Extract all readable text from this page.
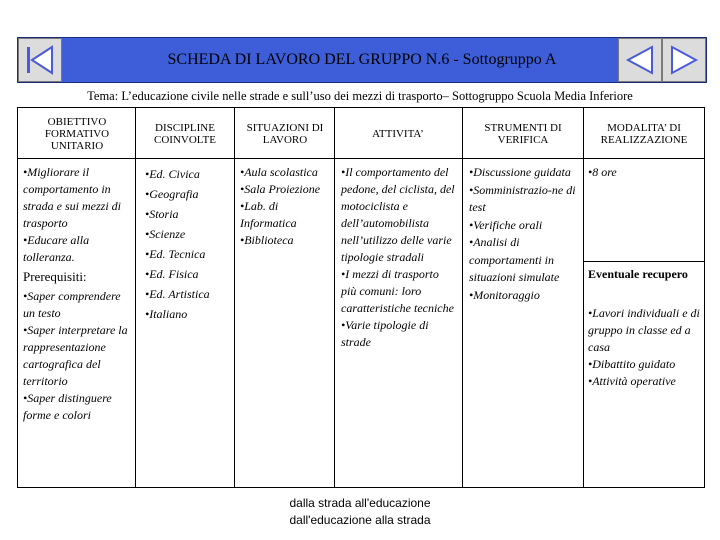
SCHEDA DI LAVORO DEL GRUPPO N.6 - Sottogruppo A
Tema: L’educazione civile nelle strade e sull’uso dei mezzi di trasporto– Sottogruppo Scuola Media Inferiore
OBIETTIVO FORMATIVO UNITARIO
DISCIPLINE COINVOLTE
SITUAZIONI DI LAVORO	ATTIVITA’	STRUMENTI DI VERIFICA
MODALITA’ DI REALIZZAZIONE
•Migliorare il comportamento in strada e sui mezzi di trasporto
•Educare alla tolleranza.
Prerequisiti:
•Saper comprendere un testo
•Saper interpretare la rappresentazione cartografica del territorio
•Saper distinguere forme e colori
•Ed. Civica
•Geografia
•Storia
•Scienze
•Ed. Tecnica
•Ed. Fisica
•Ed. Artistica
•Italiano
•Aula scolastica
•Sala Proiezione
•Lab. di Informatica
•Biblioteca
•Il comportamento del pedone, del ciclista, del motociclista e dell’automobilista nell’utilizzo delle varie tipologie stradali
•I mezzi di trasporto più comuni: loro caratteristiche tecniche
•Varie tipologie di strade
•Discussione guidata
•Somministrazio-ne di test
•Verifiche orali
•Analisi di comportamenti in situazioni simulate
•Monitoraggio
•8 ore
Eventuale recupero
•Lavori individuali e di gruppo in classe ed a casa
•Dibattito guidato
•Attività operative
dalla strada all'educazione
dall'educazione alla strada
